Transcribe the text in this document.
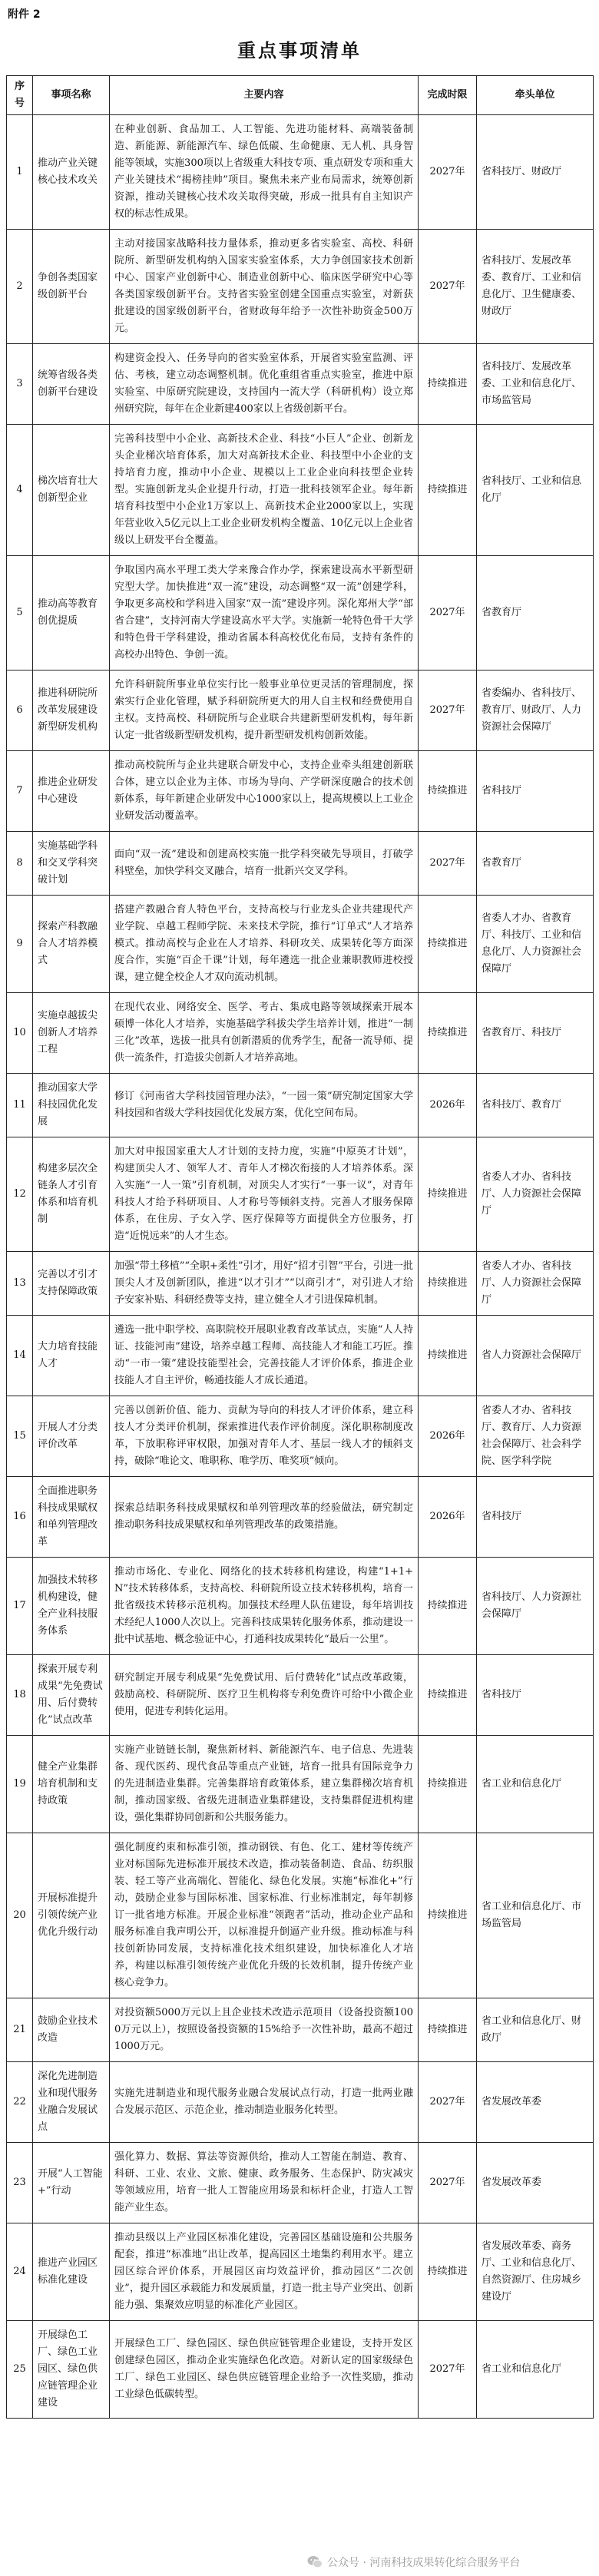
附件 2
重点事项清单
序号	事项名称	主要内容	完成时限	牵头单位
1	推动产业关键核心技术攻关	在种业创新、食品加工、人工智能、先进功能材料、高端装备制造、新能源、新能源汽车、绿色低碳、生命健康、无人机、具身智能等领域，实施300项以上省级重大科技专项、重点研发专项和重大产业关键技术“揭榜挂帅”项目。聚焦未来产业布局需求，统筹创新资源，推动关键核心技术攻关取得突破，形成一批具有自主知识产权的标志性成果。	2027年	省科技厅、财政厅
2	争创各类国家级创新平台	主动对接国家战略科技力量体系，推动更多省实验室、高校、科研院所、新型研发机构纳入国家实验室体系，大力争创国家技术创新中心、国家产业创新中心、制造业创新中心、临床医学研究中心等各类国家级创新平台。支持省实验室创建全国重点实验室，对新获批建设的国家级创新平台，省财政每年给予一次性补助资金500万元。	2027年	省科技厅、发展改革委、教育厅、工业和信息化厅、卫生健康委、财政厅
3	统筹省级各类创新平台建设	构建资金投入、任务导向的省实验室体系，开展省实验室监测、评估、考核，建立动态调整机制。优化重组省重点实验室，推进中原实验室、中原研究院建设，支持国内一流大学（科研机构）设立郑州研究院，每年在企业新建400家以上省级创新平台。	持续推进	省科技厅、发展改革委、工业和信息化厅、市场监管局
4	梯次培育壮大创新型企业	完善科技型中小企业、高新技术企业、科技“小巨人”企业、创新龙头企业梯次培育体系，加大对高新技术企业、科技型中小企业的支持培育力度，推动中小企业、规模以上工业企业向科技型企业转型。实施创新龙头企业提升行动，打造一批科技领军企业。每年新培育科技型中小企业1万家以上、高新技术企业2000家以上，实现年营业收入5亿元以上工业企业研发机构全覆盖、10亿元以上企业省级以上研发平台全覆盖。	持续推进	省科技厅、工业和信息化厅
5	推动高等教育创优提质	争取国内高水平理工类大学来豫合作办学，探索建设高水平新型研究型大学。加快推进“双一流”建设，动态调整“双一流”创建学科，争取更多高校和学科进入国家“双一流”建设序列。深化郑州大学“部省合建”，支持河南大学建设高水平大学。实施新一轮特色骨干大学和特色骨干学科建设，推动省属本科高校优化布局，支持有条件的高校办出特色、争创一流。	2027年	省教育厅
6	推进科研院所改革发展建设新型研发机构	允许科研院所事业单位实行比一般事业单位更灵活的管理制度，探索实行企业化管理，赋予科研院所更大的用人自主权和经费使用自主权。支持高校、科研院所与企业联合共建新型研发机构，每年新认定一批省级新型研发机构，提升新型研发机构创新效能。	2027年	省委编办、省科技厅、教育厅、财政厅、人力资源社会保障厅
7	推进企业研发中心建设	推动高校院所与企业共建联合研发中心，支持企业牵头组建创新联合体，建立以企业为主体、市场为导向、产学研深度融合的技术创新体系，每年新建企业研发中心1000家以上，提高规模以上工业企业研发活动覆盖率。	持续推进	省科技厅
8	实施基础学科和交叉学科突破计划	面向“双一流”建设和创建高校实施一批学科突破先导项目，打破学科壁垒，加快学科交叉融合，培育一批新兴交叉学科。	2027年	省教育厅
9	探索产科教融合人才培养模式	搭建产教融合育人特色平台，支持高校与行业龙头企业共建现代产业学院、卓越工程师学院、未来技术学院，推行“订单式”人才培养模式。推动高校与企业在人才培养、科研攻关、成果转化等方面深度合作，实施“百企千课”计划，每年遴选一批企业兼职教师进校授课，建立健全校企人才双向流动机制。	持续推进	省委人才办、省教育厅、科技厅、工业和信息化厅、人力资源社会保障厅
10	实施卓越拔尖创新人才培养工程	在现代农业、网络安全、医学、考古、集成电路等领域探索开展本硕博一体化人才培养，实施基础学科拔尖学生培养计划，推进“一制三化”改革，选拔一批具有创新潜质的优秀学生，配备一流导师、提供一流条件，打造拔尖创新人才培养高地。	持续推进	省教育厅、科技厅
11	推动国家大学科技园优化发展	修订《河南省大学科技园管理办法》，“一园一策”研究制定国家大学科技园和省级大学科技园优化发展方案，优化空间布局。	2026年	省科技厅、教育厅
12	构建多层次全链条人才引育体系和培育机制	加大对申报国家重大人才计划的支持力度，实施“中原英才计划”，构建顶尖人才、领军人才、青年人才梯次衔接的人才培养体系。深入实施“一人一策”引育机制，对顶尖人才实行“一事一议”，对青年科技人才给予科研项目、人才称号等倾斜支持。完善人才服务保障体系，在住房、子女入学、医疗保障等方面提供全方位服务，打造“近悦远来”的人才生态。	持续推进	省委人才办、省科技厅、人力资源社会保障厅
13	完善以才引才支持保障政策	加强“带土移植”“全职+柔性”引才，用好“招才引智”平台，引进一批顶尖人才及创新团队，推进“以才引才”“以商引才”，对引进人才给予安家补贴、科研经费等支持，建立健全人才引进保障机制。	持续推进	省委人才办、省科技厅、人力资源社会保障厅
14	大力培育技能人才	遴选一批中职学校、高职院校开展职业教育改革试点，实施“人人持证、技能河南”建设，培养卓越工程师、高技能人才和能工巧匠。推动“一市一策”建设技能型社会，完善技能人才评价体系，推进企业技能人才自主评价，畅通技能人才成长通道。	持续推进	省人力资源社会保障厅
15	开展人才分类评价改革	完善以创新价值、能力、贡献为导向的科技人才评价体系，建立科技人才分类评价机制，探索推进代表作评价制度。深化职称制度改革，下放职称评审权限，加强对青年人才、基层一线人才的倾斜支持，破除“唯论文、唯职称、唯学历、唯奖项”倾向。	2026年	省委人才办、省科技厅、教育厅、人力资源社会保障厅、社会科学院、医学科学院
16	全面推进职务科技成果赋权和单列管理改革	探索总结职务科技成果赋权和单列管理改革的经验做法，研究制定推动职务科技成果赋权和单列管理改革的政策措施。	2026年	省科技厅
17	加强技术转移机构建设，健全产业科技服务体系	推动市场化、专业化、网络化的技术转移机构建设，构建“1+1+N”技术转移体系，支持高校、科研院所设立技术转移机构，培育一批省级技术转移示范机构。加强技术经理人队伍建设，每年培训技术经纪人1000人次以上。完善科技成果转化服务体系，推动建设一批中试基地、概念验证中心，打通科技成果转化“最后一公里”。	持续推进	省科技厅、人力资源社会保障厅
18	探索开展专利成果“先免费试用、后付费转化”试点改革	研究制定开展专利成果“先免费试用、后付费转化”试点改革政策，鼓励高校、科研院所、医疗卫生机构将专利免费许可给中小微企业使用，促进专利转化运用。	持续推进	省科技厅
19	健全产业集群培育机制和支持政策	实施产业链链长制，聚焦新材料、新能源汽车、电子信息、先进装备、现代医药、现代食品等重点产业链，培育一批具有国际竞争力的先进制造业集群。完善集群培育政策体系，建立集群梯次培育机制，推动国家级、省级先进制造业集群建设，支持集群促进机构建设，强化集群协同创新和公共服务能力。	持续推进	省工业和信息化厅
20	开展标准提升引领传统产业优化升级行动	强化制度约束和标准引领，推动钢铁、有色、化工、建材等传统产业对标国际先进标准开展技术改造，推动装备制造、食品、纺织服装、轻工等产业高端化、智能化、绿色化发展。实施“标准化+”行动，鼓励企业参与国际标准、国家标准、行业标准制定，每年制修订一批省地方标准。开展企业标准“领跑者”活动，推动企业产品和服务标准自我声明公开，以标准提升倒逼产业升级。推动标准与科技创新协同发展，支持标准化技术组织建设，加快标准化人才培养，构建以标准引领传统产业优化升级的长效机制，提升传统产业核心竞争力。	持续推进	省工业和信息化厅、市场监管局
21	鼓励企业技术改造	对投资额5000万元以上且企业技术改造示范项目（设备投资额1000万元以上），按照设备投资额的15%给予一次性补助，最高不超过1000万元。	持续推进	省工业和信息化厅、财政厅
22	深化先进制造业和现代服务业融合发展试点	实施先进制造业和现代服务业融合发展试点行动，打造一批两业融合发展示范区、示范企业，推动制造业服务化转型。	2027年	省发展改革委
23	开展“人工智能+”行动	强化算力、数据、算法等资源供给，推动人工智能在制造、教育、科研、工业、农业、文旅、健康、政务服务、生态保护、防灾减灾等领域应用，培育一批人工智能应用场景和标杆企业，打造人工智能产业生态。	2027年	省发展改革委
24	推进产业园区标准化建设	推动县级以上产业园区标准化建设，完善园区基础设施和公共服务配套，推进“标准地”出让改革，提高园区土地集约利用水平。建立园区综合评价体系，开展园区亩均效益评价，推动园区“二次创业”，提升园区承载能力和发展质量，打造一批主导产业突出、创新能力强、集聚效应明显的标准化产业园区。	持续推进	省发展改革委、商务厅、工业和信息化厅、自然资源厅、住房城乡建设厅
25	开展绿色工厂、绿色工业园区、绿色供应链管理企业建设	开展绿色工厂、绿色园区、绿色供应链管理企业建设，支持开发区创建绿色园区，推动企业实施绿色化改造。对新认定的国家级绿色工厂、绿色工业园区、绿色供应链管理企业给予一次性奖励，推动工业绿色低碳转型。	2027年	省工业和信息化厅
公众号 · 河南科技成果转化综合服务平台
